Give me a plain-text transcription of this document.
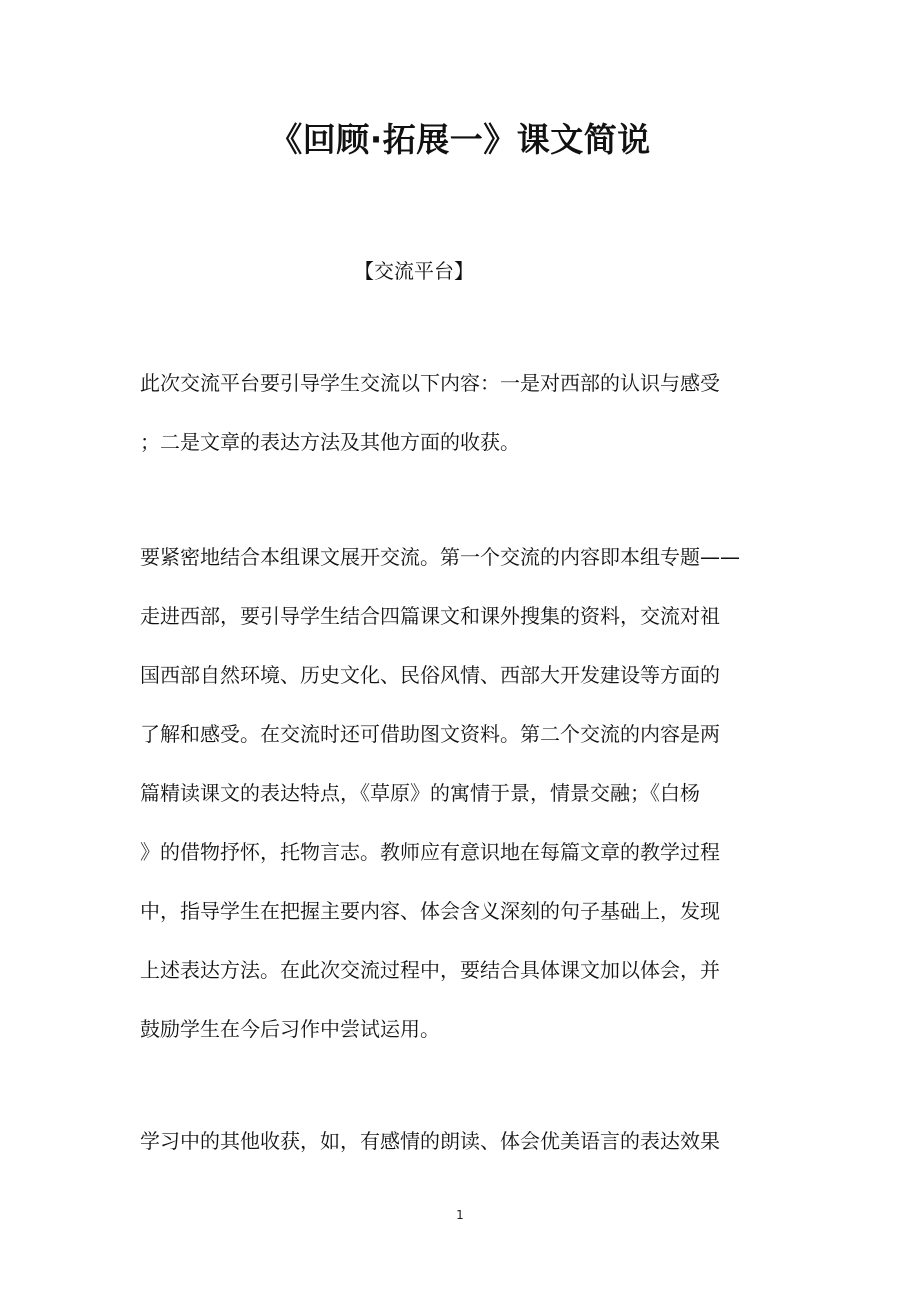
《回顾·拓展一》课文简说
【交流平台】
此次交流平台要引导学生交流以下内容：一是对西部的认识与感受
；二是文章的表达方法及其他方面的收获。
要紧密地结合本组课文展开交流。第一个交流的内容即本组专题——
走进西部，要引导学生结合四篇课文和课外搜集的资料，交流对祖
国西部自然环境、历史文化、民俗风情、西部大开发建设等方面的
了解和感受。在交流时还可借助图文资料。第二个交流的内容是两
篇精读课文的表达特点，《草原》的寓情于景，情景交融；《白杨
》的借物抒怀，托物言志。教师应有意识地在每篇文章的教学过程
中，指导学生在把握主要内容、体会含义深刻的句子基础上，发现
上述表达方法。在此次交流过程中，要结合具体课文加以体会，并
鼓励学生在今后习作中尝试运用。
学习中的其他收获，如，有感情的朗读、体会优美语言的表达效果
1
